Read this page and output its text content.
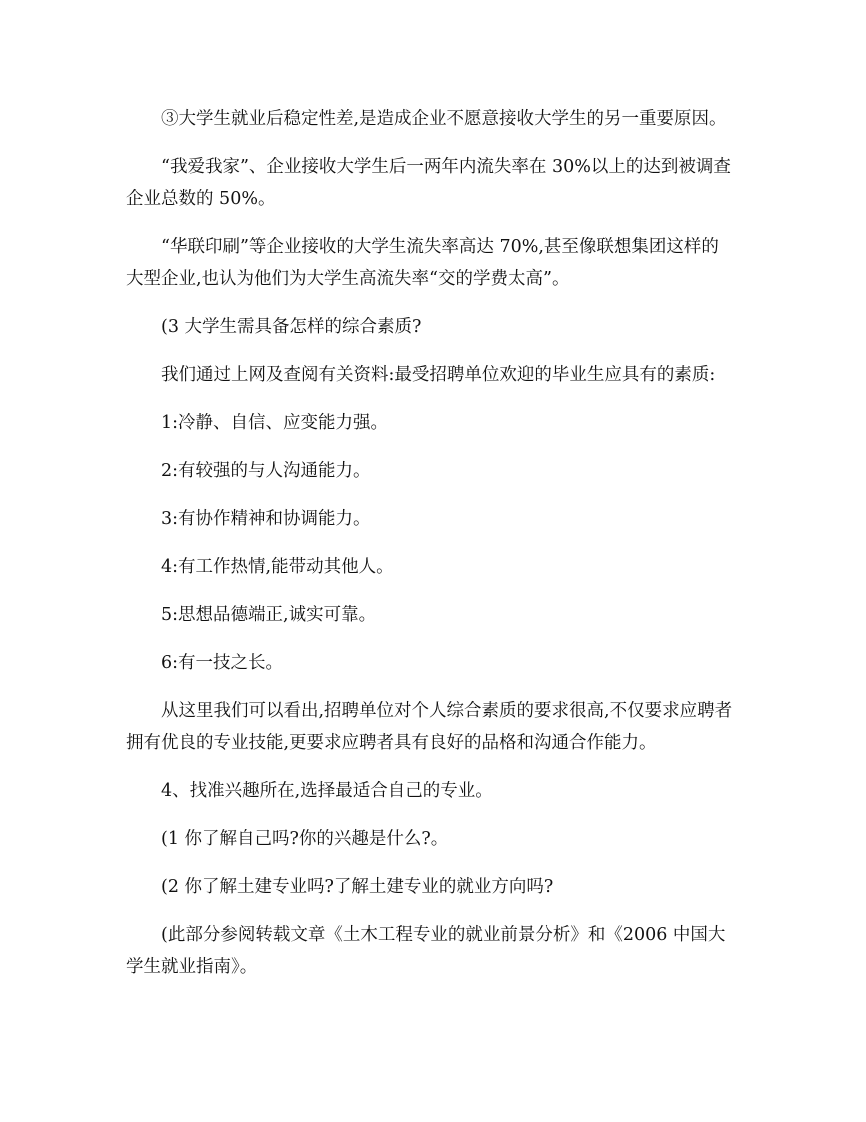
③大学生就业后稳定性差,是造成企业不愿意接收大学生的另一重要原因。

“我爱我家”、企业接收大学生后一两年内流失率在 30%以上的达到被调查企业总数的 50%。

“华联印刷”等企业接收的大学生流失率高达 70%,甚至像联想集团这样的大型企业,也认为他们为大学生高流失率“交的学费太高”。

(3 大学生需具备怎样的综合素质?

我们通过上网及查阅有关资料:最受招聘单位欢迎的毕业生应具有的素质:

1:冷静、自信、应变能力强。

2:有较强的与人沟通能力。

3:有协作精神和协调能力。

4:有工作热情,能带动其他人。

5:思想品德端正,诚实可靠。

6:有一技之长。

从这里我们可以看出,招聘单位对个人综合素质的要求很高,不仅要求应聘者拥有优良的专业技能,更要求应聘者具有良好的品格和沟通合作能力。

4、找准兴趣所在,选择最适合自己的专业。

(1 你了解自己吗?你的兴趣是什么?。

(2 你了解土建专业吗?了解土建专业的就业方向吗?

(此部分参阅转载文章《土木工程专业的就业前景分析》和《2006 中国大学生就业指南》。
